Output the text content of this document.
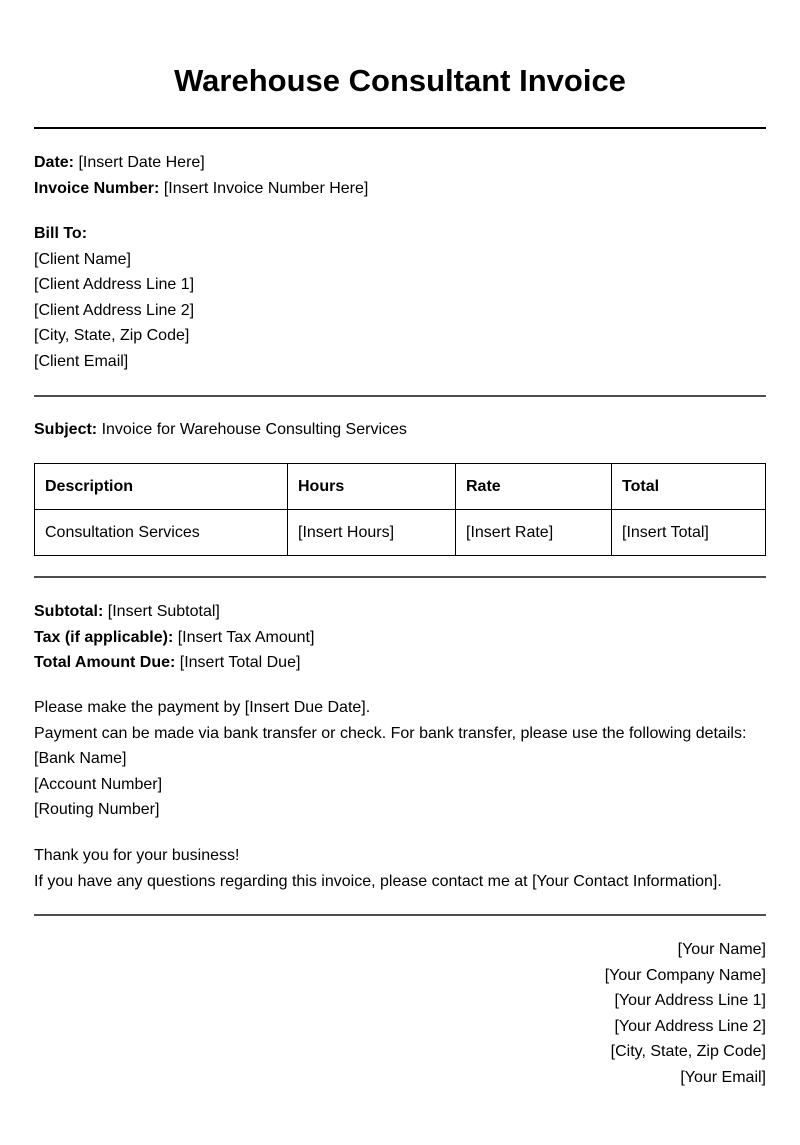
Warehouse Consultant Invoice
Date: [Insert Date Here]
Invoice Number: [Insert Invoice Number Here]
Bill To:
[Client Name]
[Client Address Line 1]
[Client Address Line 2]
[City, State, Zip Code]
[Client Email]
Subject: Invoice for Warehouse Consulting Services
Description	Hours	Rate	Total
Consultation Services	[Insert Hours]	[Insert Rate]	[Insert Total]
Subtotal: [Insert Subtotal]
Tax (if applicable): [Insert Tax Amount]
Total Amount Due: [Insert Total Due]
Please make the payment by [Insert Due Date].
Payment can be made via bank transfer or check. For bank transfer, please use the following details:
[Bank Name]
[Account Number]
[Routing Number]
Thank you for your business!
If you have any questions regarding this invoice, please contact me at [Your Contact Information].
[Your Name]
[Your Company Name]
[Your Address Line 1]
[Your Address Line 2]
[City, State, Zip Code]
[Your Email]
